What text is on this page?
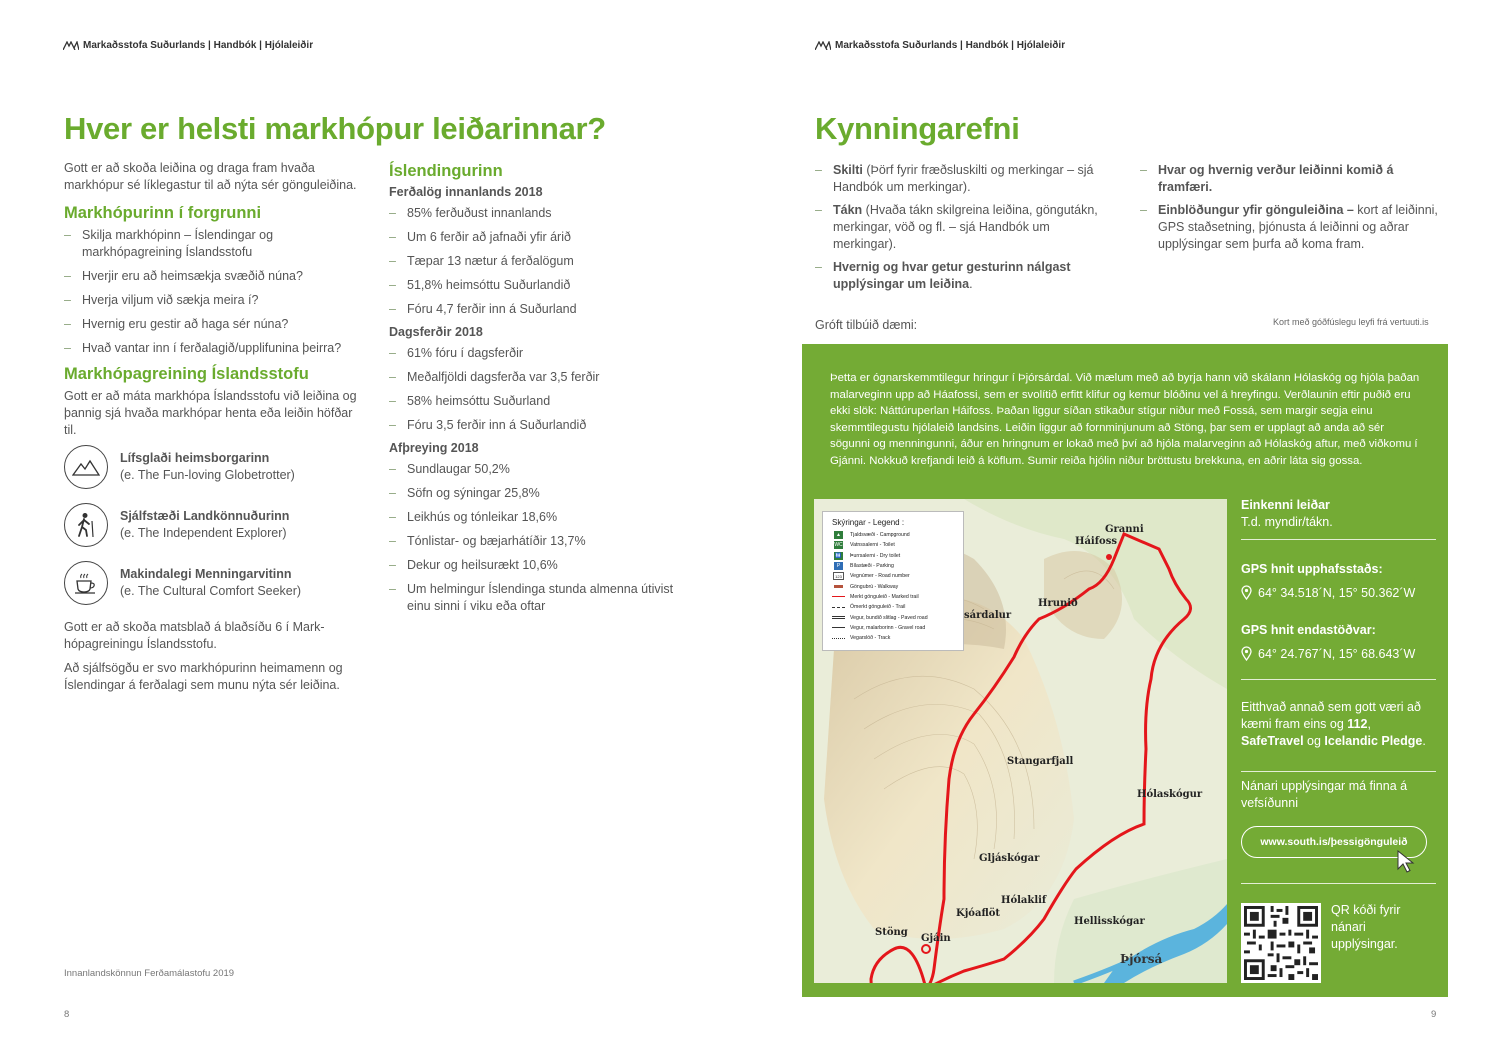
Markaðsstofa Suðurlands | Handbók | Hjólaleiðir	Markaðsstofa Suðurlands | Handbók | Hjólaleiðir
Hver er helsti markhópur leiðarinnar?

Gott er að skoða leiðina og draga fram hvaða markhópur sé líklegastur til að nýta sér gönguleiðina.

Markhópurinn í forgrunni
– Skilja markhópinn – Íslendingar og markhópagreining Íslandsstofu
– Hverjir eru að heimsækja svæðið núna?
– Hverja viljum við sækja meira í?
– Hvernig eru gestir að haga sér núna?
– Hvað vantar inn í ferðalagið/upplifunina þeirra?
Markhópagreining Íslandsstofu

Gott er að máta markhópa Íslandsstofu við leiðina og þannig sjá hvaða markhópar henta eða leiðin höfðar til.

Lífsglaði heimsborgarinn
(e. The Fun-loving Globetrotter)
Sjálfstæði Landkönnuðurinn
(e. The Independent Explorer)
Makindalegi Menningarvitinn
(e. The Cultural Comfort Seeker)

Gott er að skoða matsblað á blaðsíðu 6 í Mark-hópagreiningu Íslandsstofu.

Að sjálfsögðu er svo markhópurinn heimamenn og Íslendingar á ferðalagi sem munu nýta sér leiðina.

Íslendingurinn

Ferðalög innanlands 2018

– 85% ferðuðust innanlands
– Um 6 ferðir að jafnaði yfir árið
– Tæpar 13 nætur á ferðalögum
– 51,8% heimsóttu Suðurlandið
– Fóru 4,7 ferðir inn á Suðurland

Dagsferðir 2018

– 61% fóru í dagsferðir
– Meðalfjöldi dagsferða var 3,5 ferðir
– 58% heimsóttu Suðurland
– Fóru 3,5 ferðir inn á Suðurlandið

Afþreying 2018

– Sundlaugar 50,2%
– Söfn og sýningar 25,8%
– Leikhús og tónleikar 18,6%
– Tónlistar- og bæjarhátíðir 13,7%
– Dekur og heilsurækt 10,6%
– Um helmingur Íslendinga stunda almenna útivist einu sinni í viku eða oftar
Innanlandskönnun Ferðamálastofu 2019
8
Kynningarefni
– Skilti (Þörf fyrir fræðsluskilti og merkingar – sjá Handbók um merkingar).
– Tákn (Hvaða tákn skilgreina leiðina, göngutákn, merkingar, vöð og fl. – sjá Handbók um merkingar).
– Hvernig og hvar getur gesturinn nálgast upplýsingar um leiðina.
– Hvar og hvernig verður leiðinni komið á framfæri.
– Einblöðungur yfir gönguleiðina – kort af leiðinni, GPS staðsetning, þjónusta á leiðinni og aðrar upplýsingar sem þurfa að koma fram.
Gróft tilbúið dæmi:	Kort með góðfúslegu leyfi frá vertuuti.is

Þetta er ógnarskemmtilegur hringur í Þjórsárdal. Við mælum með að byrja hann við skálann Hólaskóg og hjóla þaðan malarveginn upp að Háafossi, sem er svolítið erfitt klifur og kemur blóðinu vel á hreyfingu. Verðlaunin eftir puðið eru ekki slök: Náttúruperlan Háifoss. Þaðan liggur síðan stikaður stígur niður með Fossá, sem margir segja einu skemmtilegustu hjólaleið landsins. Leiðin liggur að fornminjunum að Stöng, þar sem er upplagt að anda að sér sögunni og menningunni, áður en hringnum er lokað með því að hjóla malarveginn að Hólaskóg aftur, með viðkomu í Gjánni. Nokkuð krefjandi leið á köflum. Sumir reiða hjólin niður bröttustu brekkuna, en aðrir láta sig gossa.

Skýringar - Legend :
▲	Tjaldsvæði - Campground
WC Vatnssalerni - Toilet
🚻 Þurrsalerni - Dry toilet
P	Bílastæði - Parking
123	Vegnúmer - Road number
Göngubrú - Walkway
Merkt gönguleið - Marked trail
Ómerkt gönguleið - Trail
Vegur, bundið slitlag - Paved road
Vegur, malarborinn - Gravel road
Vegarslóð - Track
Granni
Háifoss
Hrunið
sárdalur
Stangarfjall
Hólaskógur
Gljáskógar
Hólaklif
Kjóaflöt
Stöng
Gjáin
Hellisskógar
Þjórsá
Einkenni leiðar
T.d. myndir/tákn.
GPS hnit upphafsstaðs:
64° 34.518´N, 15° 50.362´W
GPS hnit endastöðvar:
64° 24.767´N, 15° 68.643´W
Eitthvað annað sem gott væri að kæmi fram eins og 112, SafeTravel og Icelandic Pledge.
Nánari upplýsingar má finna á vefsíðunni
www.south.is/þessigönguleið
QR kóði fyrir nánari upplýsingar.
9
